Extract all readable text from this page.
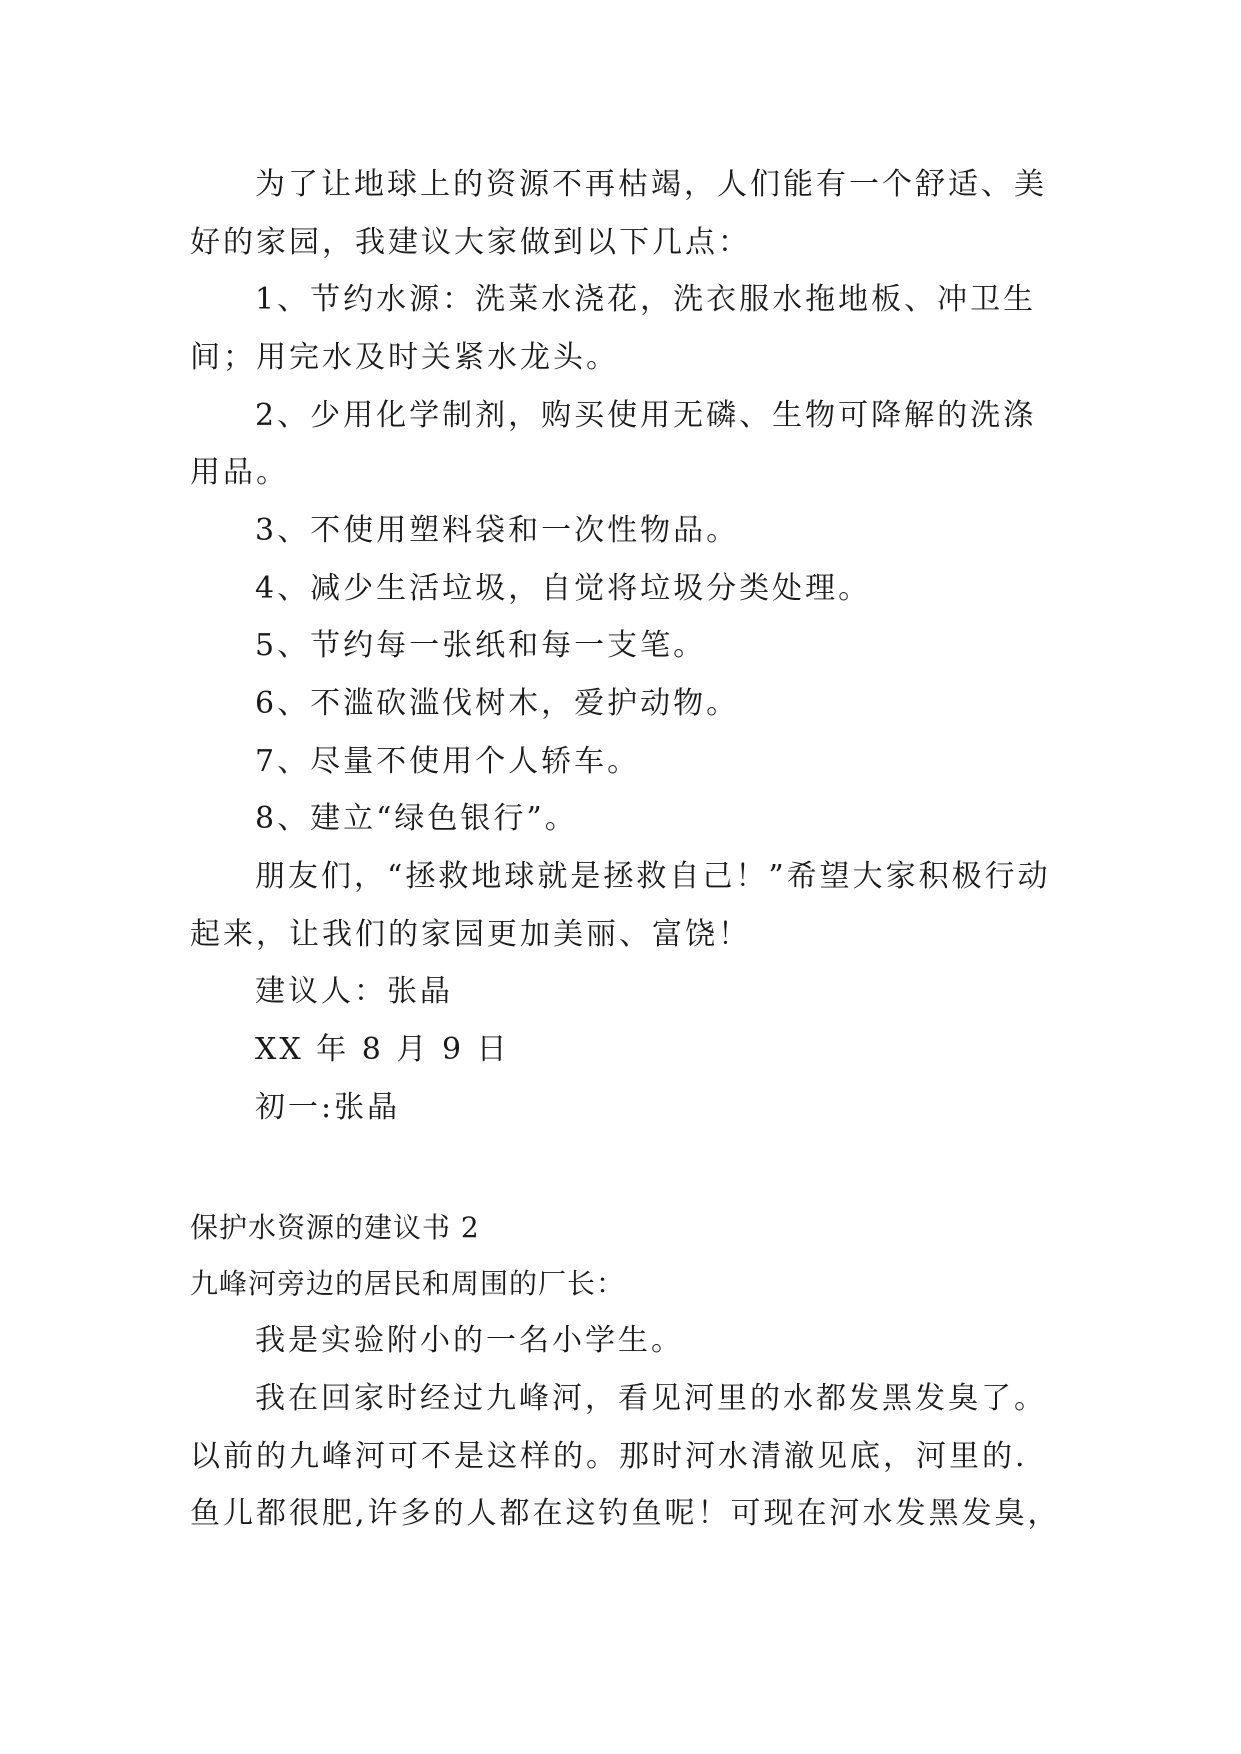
为了让地球上的资源不再枯竭，人们能有一个舒适、美
好的家园，我建议大家做到以下几点：
1、节约水源：洗菜水浇花，洗衣服水拖地板、冲卫生
间；用完水及时关紧水龙头。
2、少用化学制剂，购买使用无磷、生物可降解的洗涤
用品。
3、不使用塑料袋和一次性物品。
4、减少生活垃圾，自觉将垃圾分类处理。
5、节约每一张纸和每一支笔。
6、不滥砍滥伐树木，爱护动物。
7、尽量不使用个人轿车。
8、建立“绿色银行”。
朋友们，“拯救地球就是拯救自己！”希望大家积极行动
起来，让我们的家园更加美丽、富饶！
建议人：张晶
XX 年 8 月 9 日
初一:张晶
保护水资源的建议书 2
九峰河旁边的居民和周围的厂长：
我是实验附小的一名小学生。
我在回家时经过九峰河，看见河里的水都发黑发臭了。
以前的九峰河可不是这样的。那时河水清澈见底，河里的.
鱼儿都很肥,许多的人都在这钓鱼呢！可现在河水发黑发臭，
